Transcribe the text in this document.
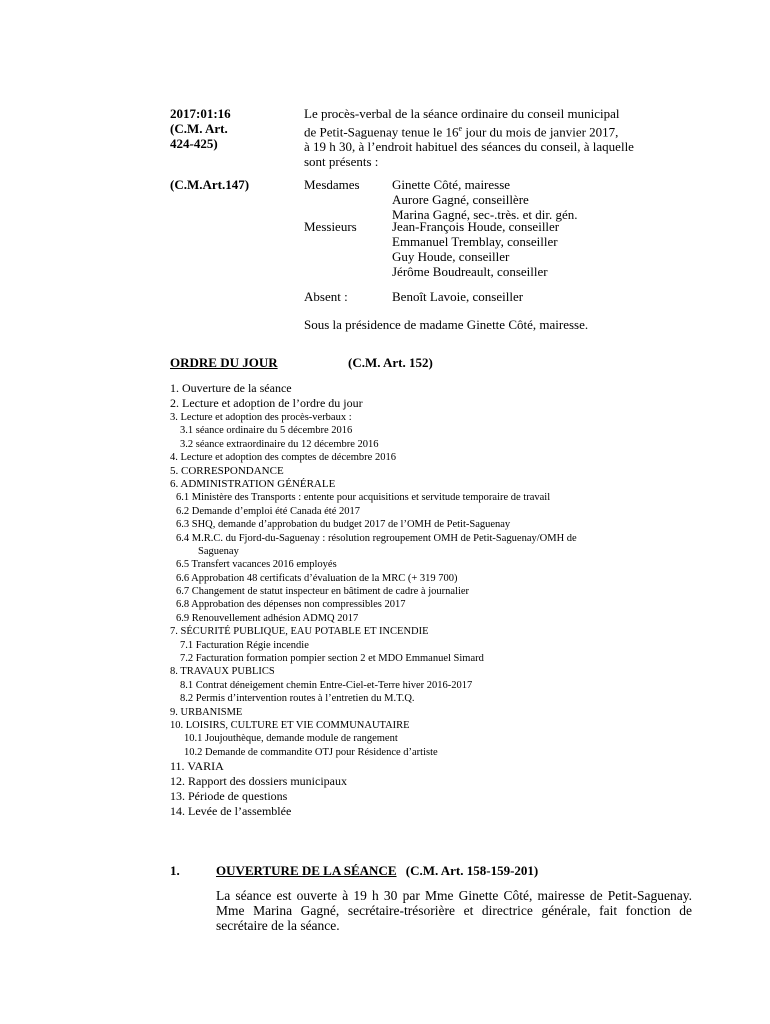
2017:01:16
(C.M. Art.
424-425)
Le procès-verbal de la séance ordinaire du conseil municipal
de Petit-Saguenay tenue le 16e jour du mois de janvier 2017,
à 19 h 30, à l’endroit habituel des séances du conseil, à laquelle
sont présents :
(C.M.Art.147)	Mesdames Ginette Côté, mairesse
Aurore Gagné, conseillère
Marina Gagné, sec-.très. et dir. gén.
Messieurs	Jean-François Houde, conseiller
Emmanuel Tremblay, conseiller
Guy Houde, conseiller
Jérôme Boudreault, conseiller
Absent :	Benoît Lavoie, conseiller
Sous la présidence de madame Ginette Côté, mairesse.
ORDRE DU JOUR	(C.M. Art. 152)
1. Ouverture de la séance
2. Lecture et adoption de l’ordre du jour
3. Lecture et adoption des procès-verbaux :
3.1 séance ordinaire du 5 décembre 2016
3.2 séance extraordinaire du 12 décembre 2016
4. Lecture et adoption des comptes de décembre 2016
5. CORRESPONDANCE
6. ADMINISTRATION GÉNÉRALE
6.1 Ministère des Transports : entente pour acquisitions et servitude temporaire de travail
6.2 Demande d’emploi été Canada été 2017
6.3 SHQ, demande d’approbation du budget 2017 de l’OMH de Petit-Saguenay
6.4 M.R.C. du Fjord-du-Saguenay : résolution regroupement OMH de Petit-Saguenay/OMH de
Saguenay
6.5 Transfert vacances 2016 employés
6.6 Approbation 48 certificats d’évaluation de la MRC (+ 319 700)
6.7 Changement de statut inspecteur en bâtiment de cadre à journalier
6.8 Approbation des dépenses non compressibles 2017
6.9 Renouvellement adhésion ADMQ 2017
7. SÉCURITÉ PUBLIQUE, EAU POTABLE ET INCENDIE
7.1 Facturation Régie incendie
7.2 Facturation formation pompier section 2 et MDO Emmanuel Simard
8. TRAVAUX PUBLICS
8.1 Contrat déneigement chemin Entre-Ciel-et-Terre hiver 2016-2017
8.2 Permis d’intervention routes à l’entretien du M.T.Q.
9. URBANISME
10. LOISIRS, CULTURE ET VIE COMMUNAUTAIRE
10.1 Joujouthèque, demande module de rangement
10.2 Demande de commandite OTJ pour Résidence d’artiste
11. VARIA
12. Rapport des dossiers municipaux
13. Période de questions
14. Levée de l’assemblée
1.	OUVERTURE DE LA SÉANCE (C.M. Art. 158-159-201)
La séance est ouverte à 19 h 30 par Mme Ginette Côté, mairesse de Petit-Saguenay. Mme Marina Gagné, secrétaire-trésorière et directrice générale, fait fonction de secrétaire de la séance.
